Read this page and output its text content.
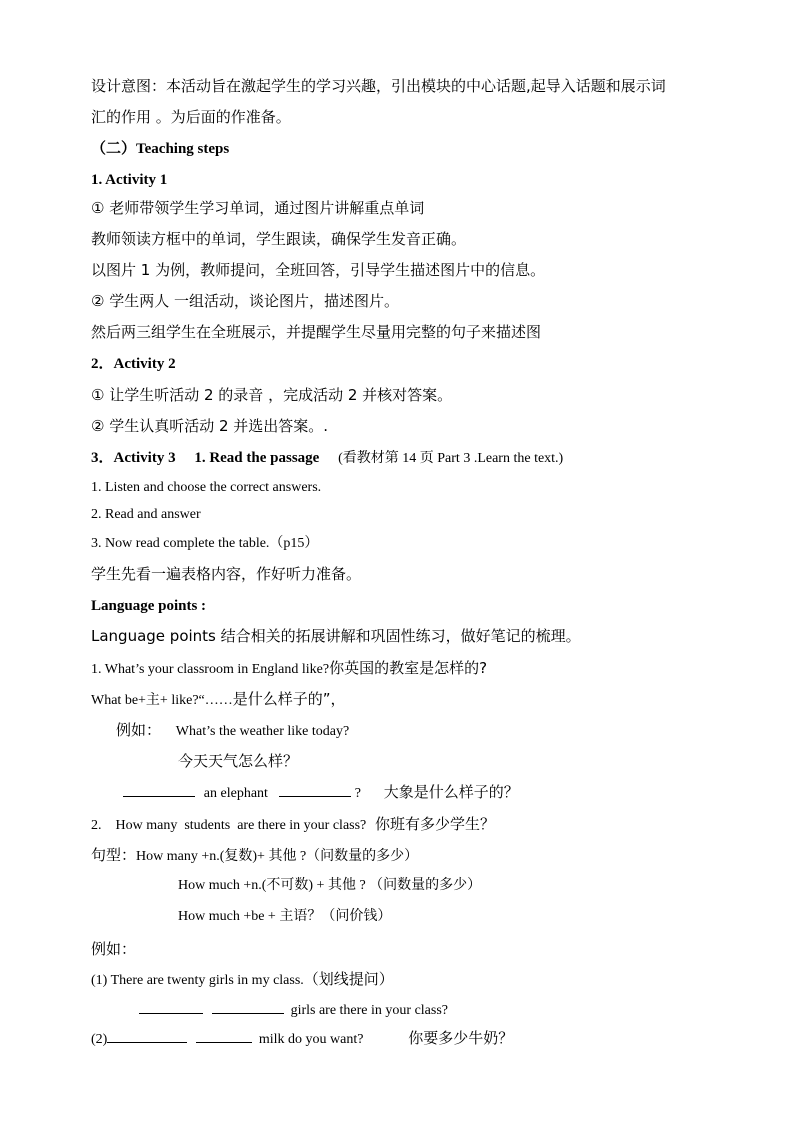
设计意图：本活动旨在激起学生的学习兴趣，引出模块的中心话题,起导入话题和展示词
汇的作用 。为后面的作准备。
（二）Teaching steps
1. Activity 1
① 老师带领学生学习单词，通过图片讲解重点单词
教师领读方框中的单词，学生跟读，确保学生发音正确。
以图片 1 为例，教师提问，全班回答，引导学生描述图片中的信息。
② 学生两人 一组活动，谈论图片，描述图片。
然后两三组学生在全班展示，并提醒学生尽量用完整的句子来描述图
2．Activity 2
① 让学生听活动 2 的录音 ，完成活动 2 并核对答案。
② 学生认真听活动 2 并选出答案。.
3．Activity 3     1. Read the passage (看教材第 14 页 Part 3 .Learn the text.)
1. Listen and choose the correct answers.
2. Read and answer
3. Now read complete the table.（p15）
学生先看一遍表格内容，作好听力准备。
Language points :
Language points 结合相关的拓展讲解和巩固性练习，做好笔记的梳理。
1. What’s your classroom in England like?你英国的教室是怎样的?
What be+主+ like?“……是什么样子的”，
例如： What’s the weather like today?
今天天气怎么样？
an elephant	? 大象是什么样子的？
2.    How many  students  are there in your class? 你班有多少学生？
句型：How many +n.(复数)+ 其他 ?（问数量的多少）
How much +n.(不可数) + 其他 ? （问数量的多少）
How much +be + 主语？（问价钱）
例如：
(1) There are twenty girls in my class.（划线提问）
girls are there in your class?
(2)	milk do you want?	你要多少牛奶？
